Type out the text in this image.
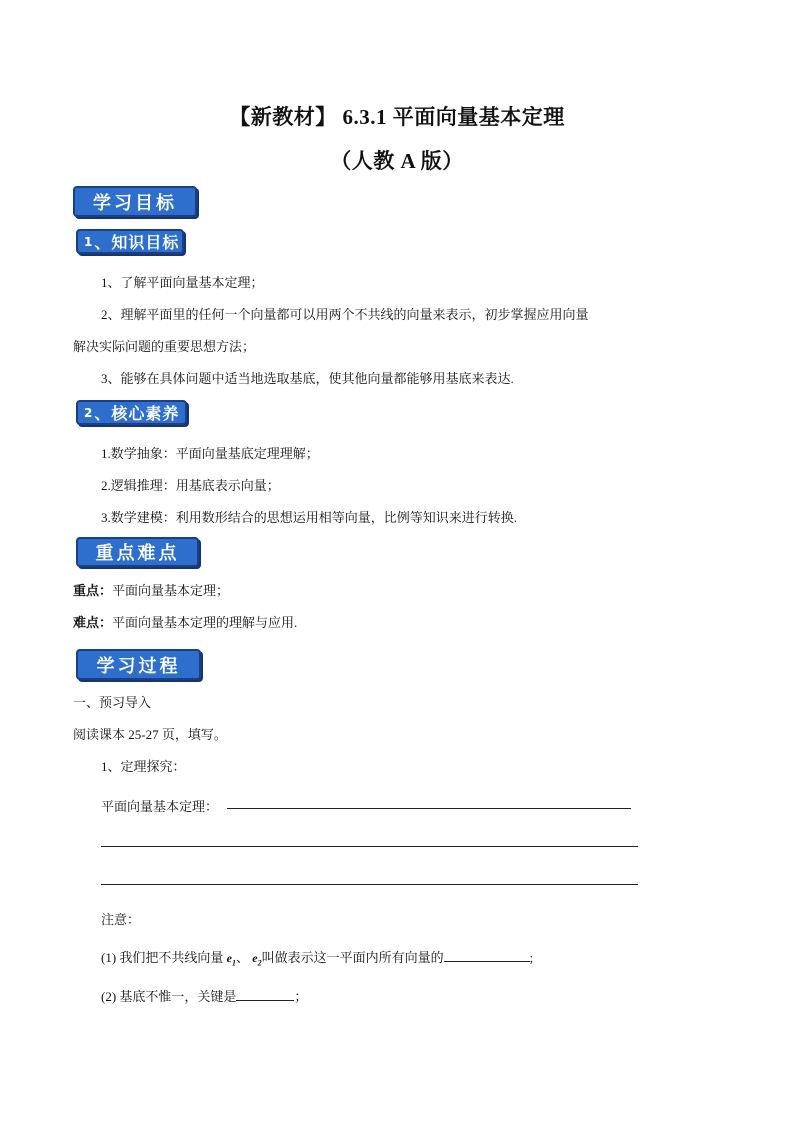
【新教材】 6.3.1 平面向量基本定理
（人教 A 版）
学习目标
1 、知识目标
1、了解平面向量基本定理；
2、理解平面里的任何一个向量都可以用两个不共线的向量来表示，初步掌握应用向量
解决实际问题的重要思想方法；
3、能够在具体问题中适当地选取基底，使其他向量都能够用基底来表达.
2 、核心素养
1.数学抽象：平面向量基底定理理解；
2.逻辑推理：用基底表示向量；
3.数学建模：利用数形结合的思想运用相等向量，比例等知识来进行转换.
重点难点
重点：平面向量基本定理；
难点：平面向量基本定理的理解与应用.
学习过程
一、预习导入
阅读课本 25-27 页，填写。
1、定理探究：
平面向量基本定理：
注意：
(1) 我们把不共线向量 $e_1$、 $e_2$叫做表示这一平面内所有向量的	;
(2) 基底不惟一，关键是	；
